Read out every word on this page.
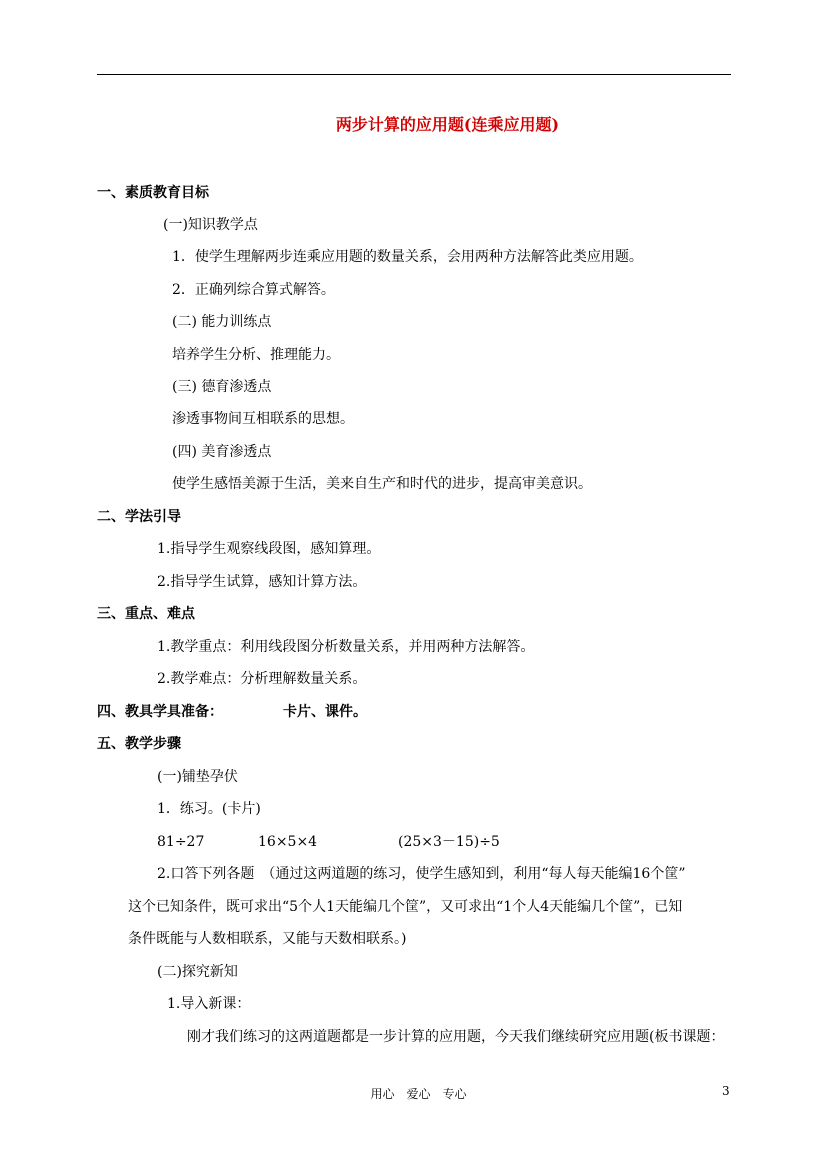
两步计算的应用题(连乘应用题)
一、素质教育目标
(一)知识教学点
1．使学生理解两步连乘应用题的数量关系，会用两种方法解答此类应用题。
2．正确列综合算式解答。
(二) 能力训练点
培养学生分析、推理能力。
(三) 德育渗透点
渗透事物间互相联系的思想。
(四) 美育渗透点
使学生感悟美源于生活，美来自生产和时代的进步，提高审美意识。
二、学法引导
1.指导学生观察线段图，感知算理。
2.指导学生试算，感知计算方法。
三、重点、难点
1.教学重点：利用线段图分析数量关系，并用两种方法解答。
2.教学难点：分析理解数量关系。
四、教具学具准备：	卡片、课件。
五、教学步骤
(一)铺垫孕伏
1．练习。(卡片)
81÷27	16×5×4	(25×3－15)÷5
2.口答下列各题　（通过这两道题的练习，使学生感知到，利用“每人每天能编16个筐”
这个已知条件，既可求出“5个人1天能编几个筐”，又可求出“1个人4天能编几个筐”，已知
条件既能与人数相联系，又能与天数相联系。)
(二)探究新知
1.导入新课：
刚才我们练习的这两道题都是一步计算的应用题，今天我们继续研究应用题(板书课题：
用心　爱心　专心	3
